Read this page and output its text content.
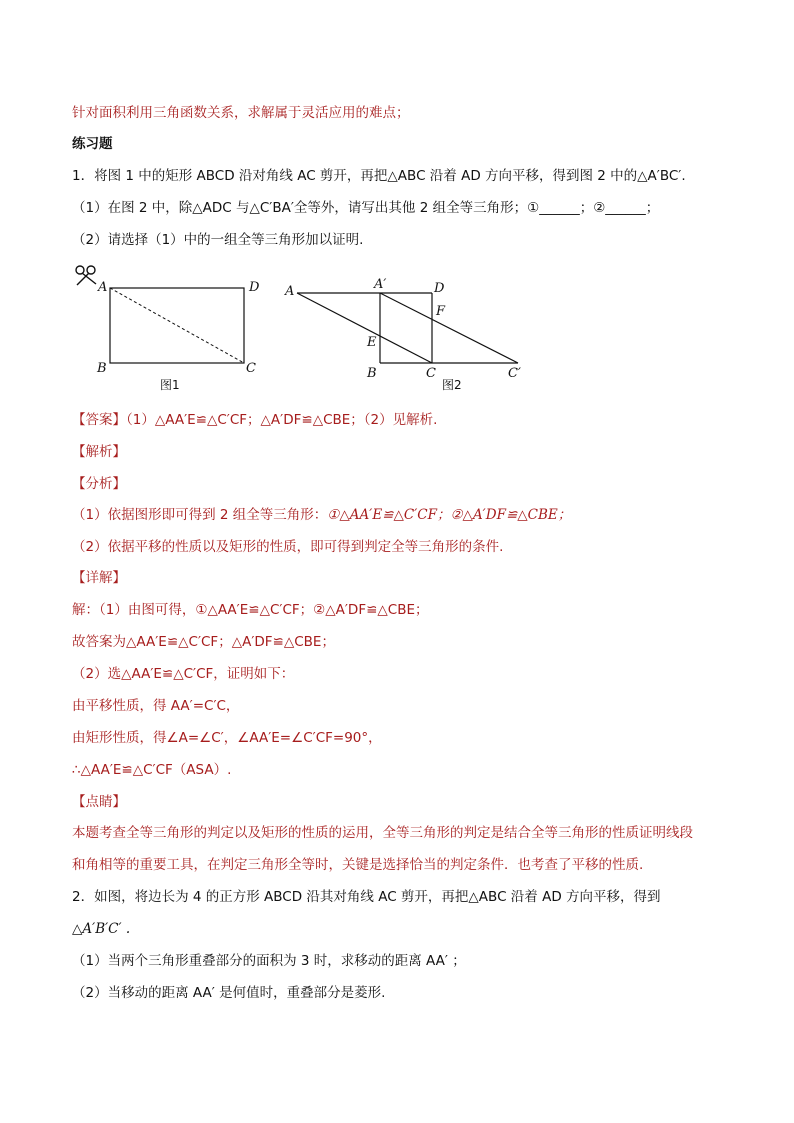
针对面积利用三角函数关系，求解属于灵活应用的难点；
练习题
1．将图 1 中的矩形 ABCD 沿对角线 AC 剪开，再把△ABC 沿着 AD 方向平移，得到图 2 中的△A′BC′.
（1）在图 2 中，除△ADC 与△C′BA′全等外，请写出其他 2 组全等三角形；①______；②______；
（2）请选择（1）中的一组全等三角形加以证明.
A	D
B	C
图1
A	A′	D
F
E
B	C	C′
图2
【答案】（1）△AA′E≌△C′CF；△A′DF≌△CBE；（2）见解析.
【解析】
【分析】
（1）依据图形即可得到 2 组全等三角形：①△AA′E≌△C′CF；②△A′DF≌△CBE；
（2）依据平移的性质以及矩形的性质，即可得到判定全等三角形的条件.
【详解】
解：（1）由图可得，①△AA′E≌△C′CF；②△A′DF≌△CBE；
故答案为△AA′E≌△C′CF；△A′DF≌△CBE；
（2）选△AA′E≌△C′CF，证明如下：
由平移性质，得 AA′=C′C，
由矩形性质，得∠A=∠C′，∠AA′E=∠C′CF=90°，
∴△AA′E≌△C′CF（ASA）.
【点睛】
本题考查全等三角形的判定以及矩形的性质的运用，全等三角形的判定是结合全等三角形的性质证明线段
和角相等的重要工具，在判定三角形全等时，关键是选择恰当的判定条件．也考查了平移的性质.
2．如图，将边长为 4 的正方形 ABCD 沿其对角线 AC 剪开，再把△ABC 沿着 AD 方向平移，得到
△A′B′C′ .
（1）当两个三角形重叠部分的面积为 3 时，求移动的距离 AA′ ；
（2）当移动的距离 AA′ 是何值时，重叠部分是菱形.
